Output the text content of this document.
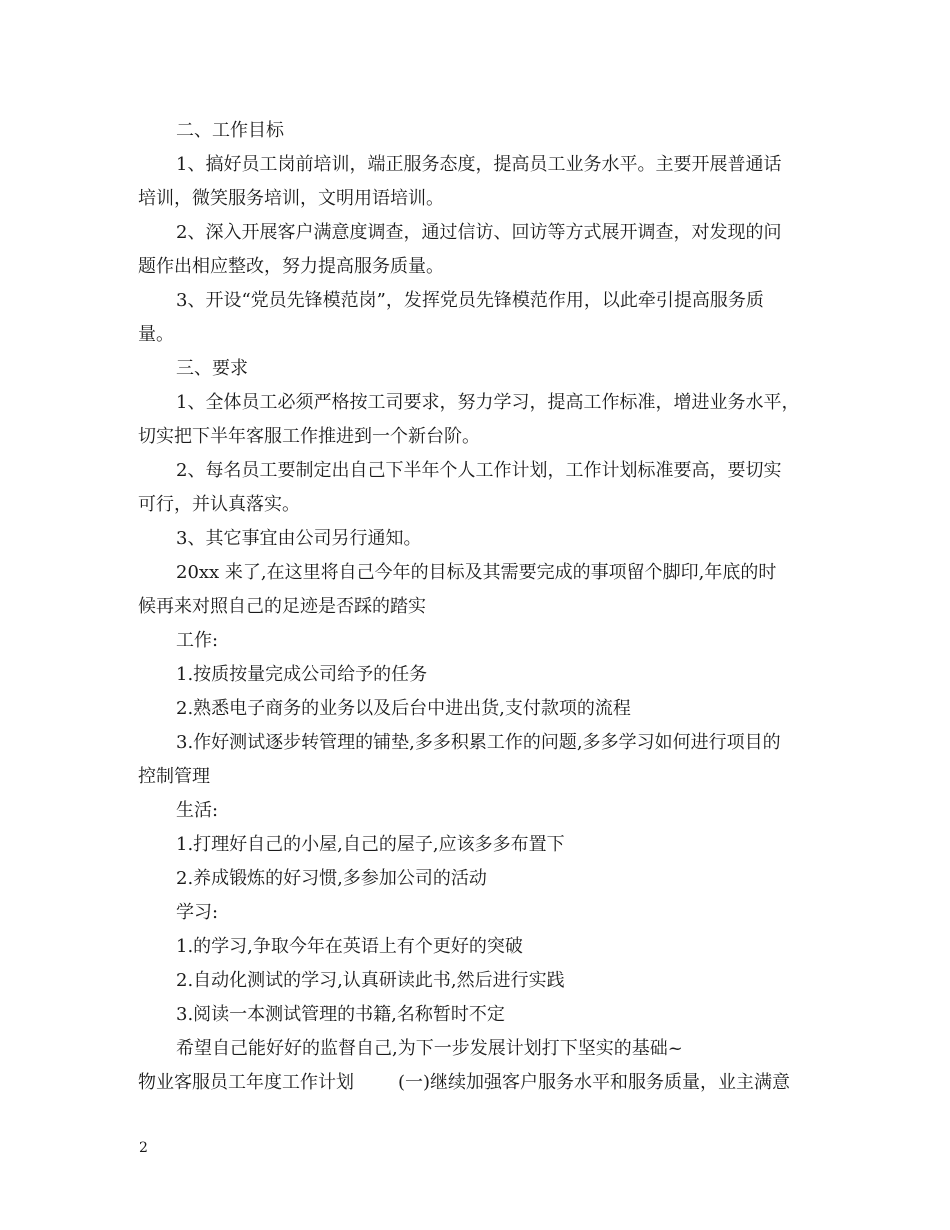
二、工作目标
1、搞好员工岗前培训，端正服务态度，提高员工业务水平。主要开展普通话
培训，微笑服务培训，文明用语培训。
2、深入开展客户满意度调查，通过信访、回访等方式展开调查，对发现的问
题作出相应整改，努力提高服务质量。
3、开设“党员先锋模范岗”，发挥党员先锋模范作用，以此牵引提高服务质
量。
三、要求
1、全体员工必须严格按工司要求，努力学习，提高工作标准，增进业务水平，
切实把下半年客服工作推进到一个新台阶。
2、每名员工要制定出自己下半年个人工作计划，工作计划标准要高，要切实
可行，并认真落实。
3、其它事宜由公司另行通知。
20xx 来了,在这里将自己今年的目标及其需要完成的事项留个脚印,年底的时
候再来对照自己的足迹是否踩的踏实
工作:
1.按质按量完成公司给予的任务
2.熟悉电子商务的业务以及后台中进出货,支付款项的流程
3.作好测试逐步转管理的铺垫,多多积累工作的问题,多多学习如何进行项目的
控制管理
生活:
1.打理好自己的小屋,自己的屋子,应该多多布置下
2.养成锻炼的好习惯,多参加公司的活动
学习:
1.的学习,争取今年在英语上有个更好的突破
2.自动化测试的学习,认真研读此书,然后进行实践
3.阅读一本测试管理的书籍,名称暂时不定
希望自己能好好的监督自己,为下一步发展计划打下坚实的基础~
物业客服员工年度工作计划 (一)继续加强客户服务水平和服务质量，业主满意
2
